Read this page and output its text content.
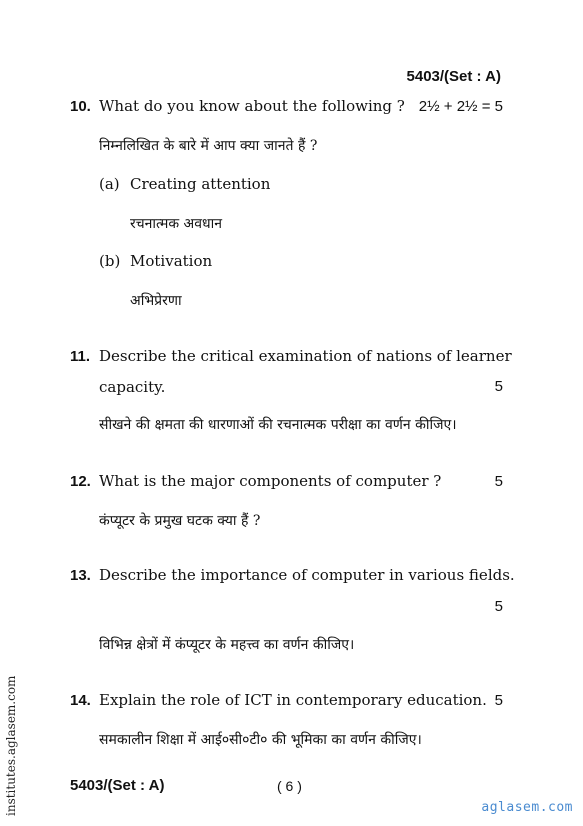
5403/(Set : A)
10. What do you know about the following ? 2½ + 2½ = 5
निम्नलिखित के बारे में आप क्या जानते हैं ?
(a) Creating attention
रचनात्मक अवधान
(b) Motivation
अभिप्रेरणा
11. Describe the critical examination of nations of learner
capacity.	5
सीखने की क्षमता की धारणाओं की रचनात्मक परीक्षा का वर्णन कीजिए।
12. What is the major components of computer ?	5
कंप्यूटर के प्रमुख घटक क्या हैं ?
13. Describe the importance of computer in various fields.
5
विभिन्न क्षेत्रों में कंप्यूटर के महत्त्व का वर्णन कीजिए।
14. Explain the role of ICT in contemporary education. 5
समकालीन शिक्षा में आई०सी०टी० की भूमिका का वर्णन कीजिए।
institutes.aglasem.com	5403/(Set : A)	( 6 )
aglasem.com
